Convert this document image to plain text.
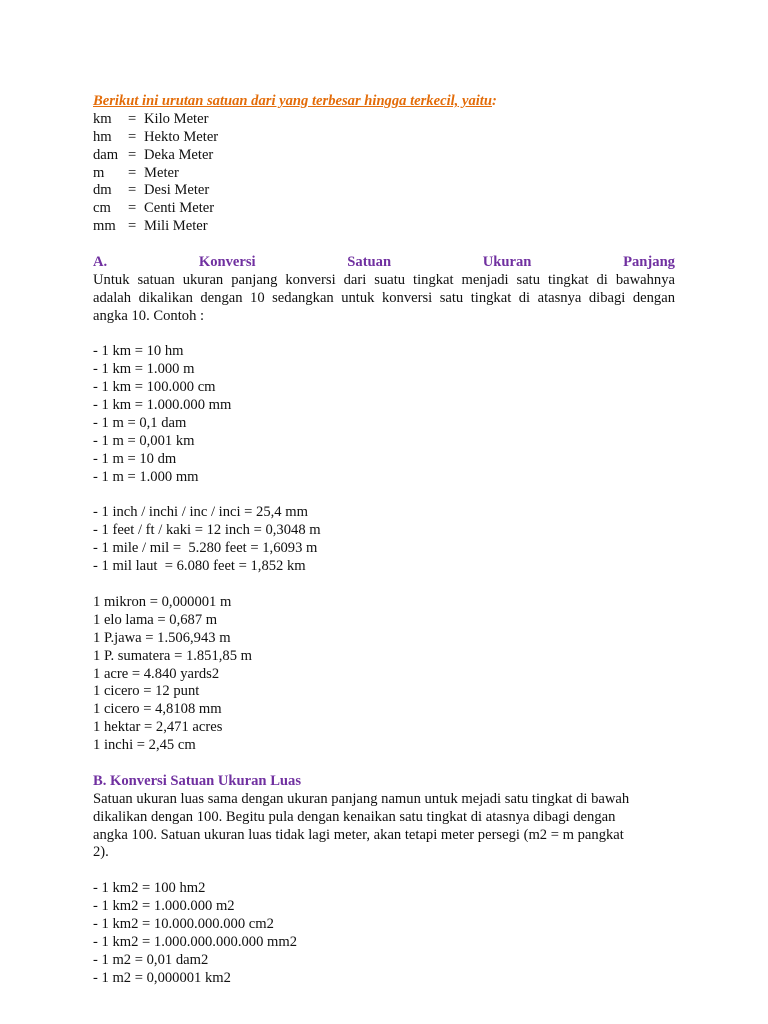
Berikut ini urutan satuan dari yang terbesar hingga terkecil, yaitu:
km	= Kilo Meter
hm	= Hekto Meter
dam = Deka Meter
m	= Meter
dm	= Desi Meter
cm	= Centi Meter
mm = Mili Meter
A.	Konversi	Satuan	Ukuran	Panjang
Untuk satuan ukuran panjang konversi dari suatu tingkat menjadi satu tingkat di bawahnya
adalah dikalikan dengan 10 sedangkan untuk konversi satu tingkat di atasnya dibagi dengan
angka 10. Contoh :
- 1 km = 10 hm
- 1 km = 1.000 m
- 1 km = 100.000 cm
- 1 km = 1.000.000 mm
- 1 m = 0,1 dam
- 1 m = 0,001 km
- 1 m = 10 dm
- 1 m = 1.000 mm
- 1 inch / inchi / inc / inci = 25,4 mm
- 1 feet / ft / kaki = 12 inch = 0,3048 m
- 1 mile / mil =  5.280 feet = 1,6093 m
- 1 mil laut  = 6.080 feet = 1,852 km
1 mikron = 0,000001 m
1 elo lama = 0,687 m
1 P.jawa = 1.506,943 m
1 P. sumatera = 1.851,85 m
1 acre = 4.840 yards2
1 cicero = 12 punt
1 cicero = 4,8108 mm
1 hektar = 2,471 acres
1 inchi = 2,45 cm
B. Konversi Satuan Ukuran Luas
Satuan ukuran luas sama dengan ukuran panjang namun untuk mejadi satu tingkat di bawah
dikalikan dengan 100. Begitu pula dengan kenaikan satu tingkat di atasnya dibagi dengan
angka 100. Satuan ukuran luas tidak lagi meter, akan tetapi meter persegi (m2 = m pangkat
2).
- 1 km2 = 100 hm2
- 1 km2 = 1.000.000 m2
- 1 km2 = 10.000.000.000 cm2
- 1 km2 = 1.000.000.000.000 mm2
- 1 m2 = 0,01 dam2
- 1 m2 = 0,000001 km2
